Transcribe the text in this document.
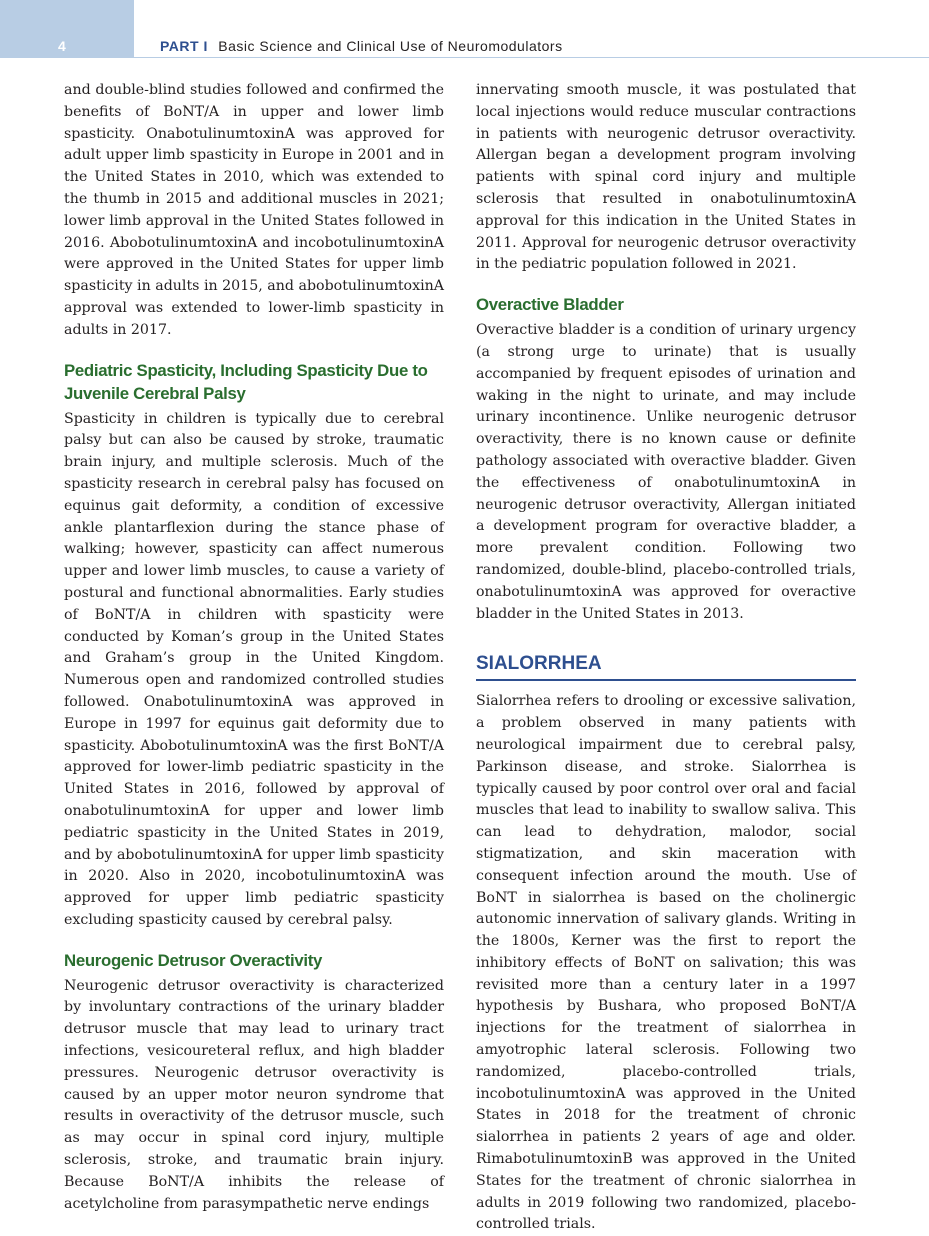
4	PART I Basic Science and Clinical Use of Neuromodulators

and double-blind studies followed and confirmed the benefits of BoNT/A in upper and lower limb spasticity. OnabotulinumtoxinA was approved for adult upper limb spasticity in Europe in 2001 and in the United States in 2010, which was extended to the thumb in 2015 and additional muscles in 2021; lower limb approval in the United States followed in 2016. AbobotulinumtoxinA and incobotulinumtoxinA were approved in the United States for upper limb spasticity in adults in 2015, and abobotulinumtoxinA approval was extended to lower-limb spasticity in adults in 2017.

Pediatric Spasticity, Including Spasticity Due to Juvenile Cerebral Palsy

Spasticity in children is typically due to cerebral palsy but can also be caused by stroke, traumatic brain injury, and multiple sclerosis. Much of the spasticity research in cerebral palsy has focused on equinus gait deformity, a condition of excessive ankle plantarflexion during the stance phase of walking; however, spasticity can affect numerous upper and lower limb muscles, to cause a variety of postural and functional abnormalities. Early studies of BoNT/A in children with spasticity were conducted by Koman’s group in the United States and Graham’s group in the United Kingdom. Numerous open and randomized controlled studies followed. OnabotulinumtoxinA was approved in Europe in 1997 for equinus gait deformity due to spasticity. AbobotulinumtoxinA was the first BoNT/A approved for lower-limb pediatric spasticity in the United States in 2016, followed by approval of onabotulinumtoxinA for upper and lower limb pediatric spasticity in the United States in 2019, and by abobotulinumtoxinA for upper limb spasticity in 2020. Also in 2020, incobotulinumtoxinA was approved for upper limb pediatric spasticity excluding spasticity caused by cerebral palsy.

Neurogenic Detrusor Overactivity

Neurogenic detrusor overactivity is characterized by involuntary contractions of the urinary bladder detrusor muscle that may lead to urinary tract infections, vesicoureteral reflux, and high bladder pressures. Neurogenic detrusor overactivity is caused by an upper motor neuron syndrome that results in overactivity of the detrusor muscle, such as may occur in spinal cord injury, multiple sclerosis, stroke, and traumatic brain injury. Because BoNT/A inhibits the release of acetylcholine from parasympathetic nerve endings

innervating smooth muscle, it was postulated that local injections would reduce muscular contractions in patients with neurogenic detrusor overactivity. Allergan began a development program involving patients with spinal cord injury and multiple sclerosis that resulted in onabotulinumtoxinA approval for this indication in the United States in 2011. Approval for neurogenic detrusor overactivity in the pediatric population followed in 2021.

Overactive Bladder

Overactive bladder is a condition of urinary urgency (a strong urge to urinate) that is usually accompanied by frequent episodes of urination and waking in the night to urinate, and may include urinary incontinence. Unlike neurogenic detrusor overactivity, there is no known cause or definite pathology associated with overactive bladder. Given the effectiveness of onabotulinumtoxinA in neurogenic detrusor overactivity, Allergan initiated a development program for overactive bladder, a more prevalent condition. Following two randomized, double-blind, placebo-controlled trials, onabotulinumtoxinA was approved for overactive bladder in the United States in 2013.

SIALORRHEA

Sialorrhea refers to drooling or excessive salivation, a problem observed in many patients with neurological impairment due to cerebral palsy, Parkinson disease, and stroke. Sialorrhea is typically caused by poor control over oral and facial muscles that lead to inability to swallow saliva. This can lead to dehydration, malodor, social stigmatization, and skin maceration with consequent infection around the mouth. Use of BoNT in sialorrhea is based on the cholinergic autonomic innervation of salivary glands. Writing in the 1800s, Kerner was the first to report the inhibitory effects of BoNT on salivation; this was revisited more than a century later in a 1997 hypothesis by Bushara, who proposed BoNT/A injections for the treatment of sialorrhea in amyotrophic lateral sclerosis. Following two randomized, placebo-controlled trials, incobotulinumtoxinA was approved in the United States in 2018 for the treatment of chronic sialorrhea in patients 2 years of age and older. RimabotulinumtoxinB was approved in the United States for the treatment of chronic sialorrhea in adults in 2019 following two randomized, placebo-controlled trials.
